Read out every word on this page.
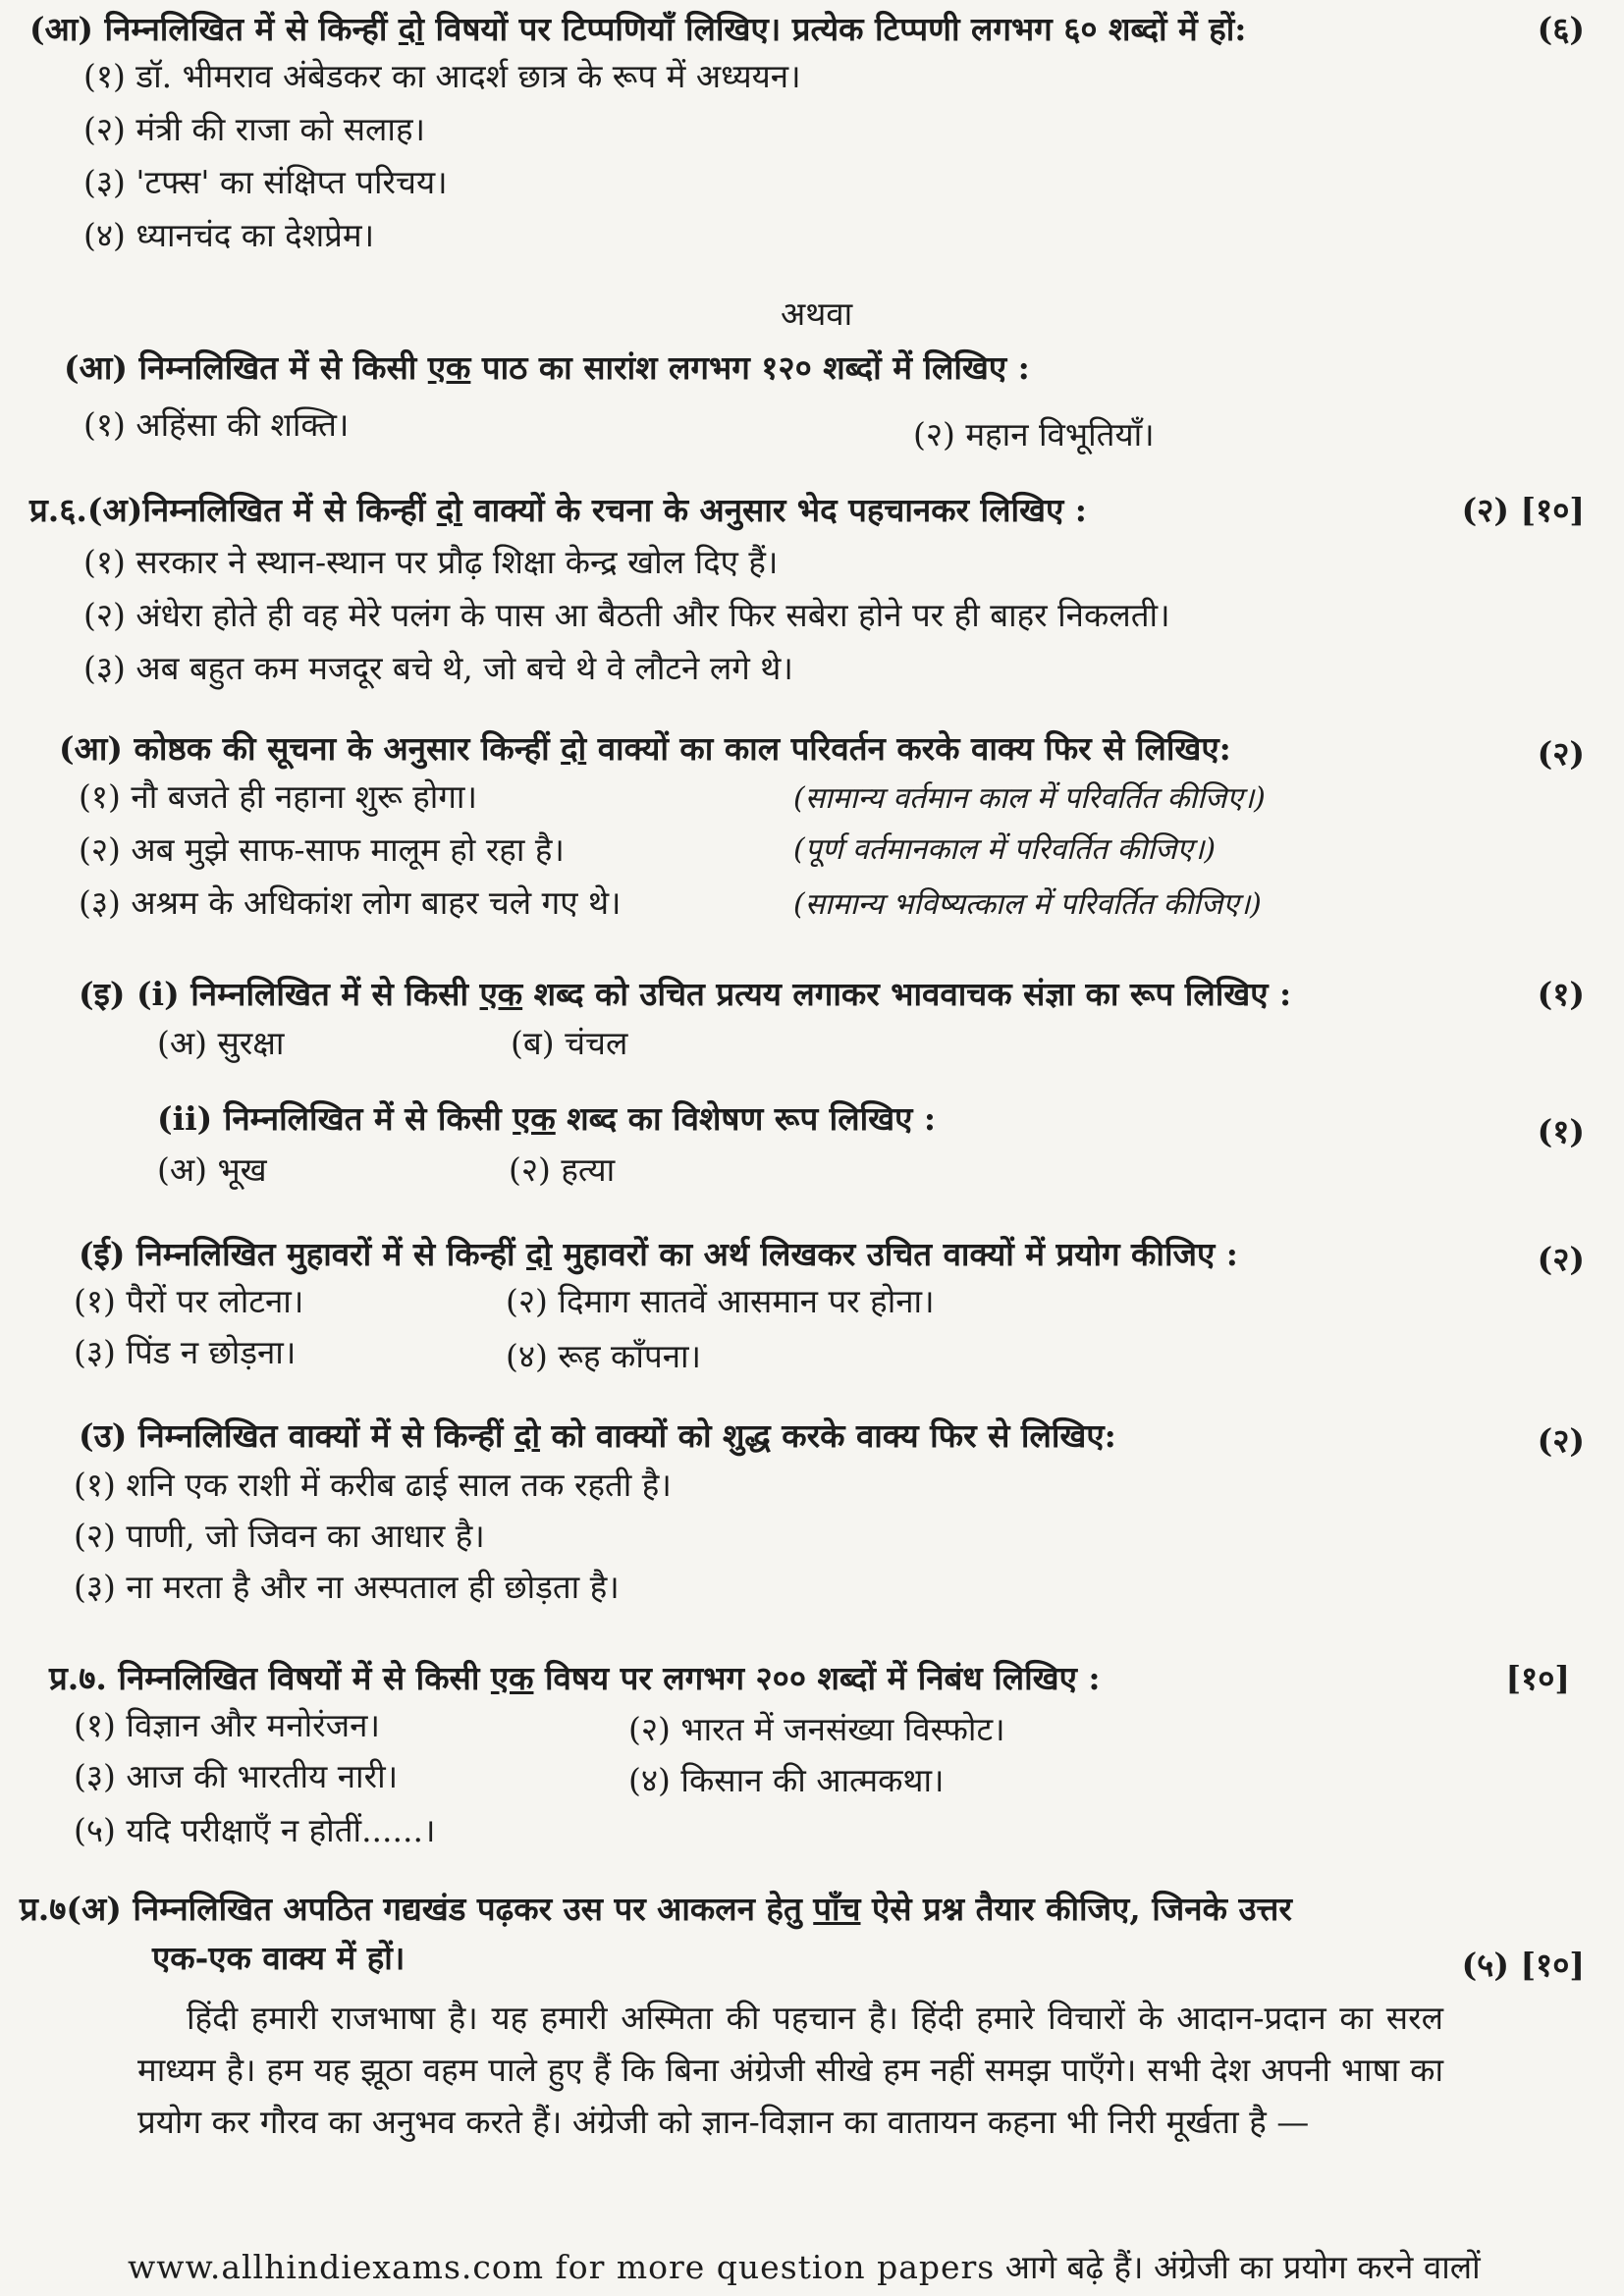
(आ) निम्नलिखित में से किन्हीं दो विषयों पर टिप्पणियाँ लिखिए। प्रत्येक टिप्पणी लगभग ६० शब्दों में हों:	(६)
(१) डॉ. भीमराव अंबेडकर का आदर्श छात्र के रूप में अध्ययन।
(२) मंत्री की राजा को सलाह।
(३) 'टफ्स' का संक्षिप्त परिचय।
(४) ध्यानचंद का देशप्रेम।
अथवा
(आ) निम्नलिखित में से किसी एक पाठ का सारांश लगभग १२० शब्दों में लिखिए :
(१) अहिंसा की शक्ति।	(२) महान विभूतियाँ।
प्र.६.(अ)निम्नलिखित में से किन्हीं दो वाक्यों के रचना के अनुसार भेद पहचानकर लिखिए :	(२) [१०]
(१) सरकार ने स्थान-स्थान पर प्रौढ़ शिक्षा केन्द्र खोल दिए हैं।
(२) अंधेरा होते ही वह मेरे पलंग के पास आ बैठती और फिर सबेरा होने पर ही बाहर निकलती।
(३) अब बहुत कम मजदूर बचे थे, जो बचे थे वे लौटने लगे थे।
(आ) कोष्ठक की सूचना के अनुसार किन्हीं दो वाक्यों का काल परिवर्तन करके वाक्य फिर से लिखिए:	(२)
(१) नौ बजते ही नहाना शुरू होगा।	(सामान्य वर्तमान काल में परिवर्तित कीजिए।)
(२) अब मुझे साफ-साफ मालूम हो रहा है।	(पूर्ण वर्तमानकाल में परिवर्तित कीजिए।)
(३) अश्रम के अधिकांश लोग बाहर चले गए थे।	(सामान्य भविष्यत्काल में परिवर्तित कीजिए।)
(इ) (i) निम्नलिखित में से किसी एक शब्द को उचित प्रत्यय लगाकर भाववाचक संज्ञा का रूप लिखिए :	(१)
(अ) सुरक्षा	(ब) चंचल
(ii) निम्नलिखित में से किसी एक शब्द का विशेषण रूप लिखिए :	(१)
(अ) भूख	(२) हत्या
(ई) निम्नलिखित मुहावरों में से किन्हीं दो मुहावरों का अर्थ लिखकर उचित वाक्यों में प्रयोग कीजिए :	(२)
(१) पैरों पर लोटना।	(२) दिमाग सातवें आसमान पर होना।
(३) पिंड न छोड़ना।	(४) रूह काँपना।
(उ) निम्नलिखित वाक्यों में से किन्हीं दो को वाक्यों को शुद्ध करके वाक्य फिर से लिखिए:	(२)
(१) शनि एक राशी में करीब ढाई साल तक रहती है।
(२) पाणी, जो जिवन का आधार है।
(३) ना मरता है और ना अस्पताल ही छोड़ता है।
प्र.७. निम्नलिखित विषयों में से किसी एक विषय पर लगभग २०० शब्दों में निबंध लिखिए :	[१०]
(१) विज्ञान और मनोरंजन।	(२) भारत में जनसंख्या विस्फोट।
(३) आज की भारतीय नारी।	(४) किसान की आत्मकथा।
(५) यदि परीक्षाएँ न होतीं......।
प्र.७(अ) निम्नलिखित अपठित गद्यखंड पढ़कर उस पर आकलन हेतु पाँच ऐसे प्रश्न तैयार कीजिए, जिनके उत्तर
एक-एक वाक्य में हों।	(५) [१०]
हिंदी हमारी राजभाषा है। यह हमारी अस्मिता की पहचान है। हिंदी हमारे विचारों के आदान-प्रदान का सरल माध्यम है। हम यह झूठा वहम पाले हुए हैं कि बिना अंग्रेजी सीखे हम नहीं समझ पाएँगे। सभी देश अपनी भाषा का प्रयोग कर गौरव का अनुभव करते हैं। अंग्रेजी को ज्ञान-विज्ञान का वातायन कहना भी निरी मूर्खता है —
www.allhindiexams.com for more question papers आगे बढ़े हैं। अंग्रेजी का प्रयोग करने वालों
